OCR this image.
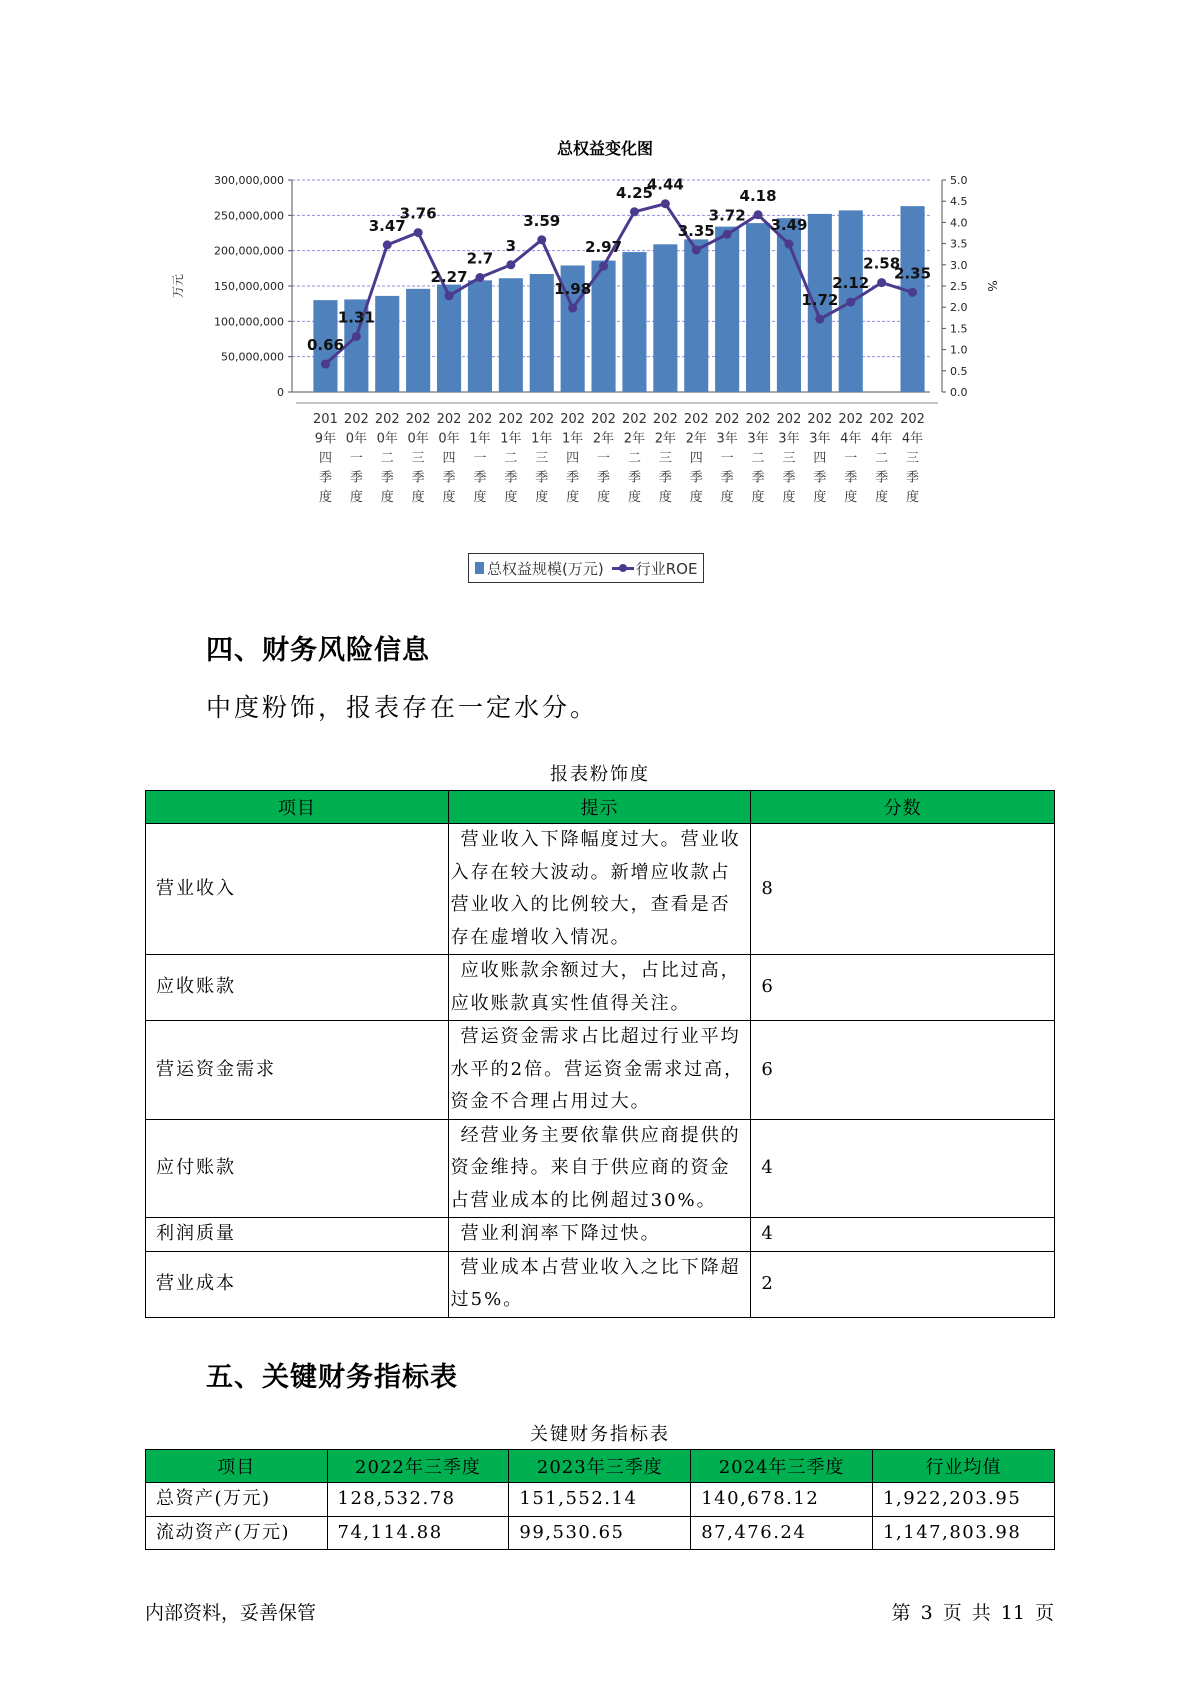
总权益变化图
0
50,000,000
100,000,000
150,000,000
200,000,000
250,000,000
300,000,000
0.0
0.5
1.0
1.5
2.0
2.5
3.0
3.5
4.0
4.5
5.0
万元	%
0.66
1.31
3.47
3.76
2.27
2.7
3
3.59
1.98
2.97
4.25
4.44
3.35
3.72
4.18
3.49
1.72
2.12
2.58
2.35
201
9年
四
季
度
202
0年
一
季
度
202
0年
二
季
度
202
0年
三
季
度
202
0年
四
季
度
202
1年
一
季
度
202
1年
二
季
度
202
1年
三
季
度
202
1年
四
季
度
202
2年
一
季
度
202
2年
二
季
度
202
2年
三
季
度
202
2年
四
季
度
202
3年
一
季
度
202
3年
二
季
度
202
3年
三
季
度
202
3年
四
季
度
202
4年
一
季
度
202
4年
二
季
度
202
4年
三
季
度
总权益规模(万元) 行业ROE
四、财务风险信息

中度粉饰，报表存在一定水分。

报表粉饰度
项目	提示	分数
营业收入	营业收入下降幅度过大。营业收入存在较大波动。新增应收款占营业收入的比例较大，查看是否存在虚增收入情况。	8
应收账款	应收账款余额过大，占比过高，应收账款真实性值得关注。	6
营运资金需求	营运资金需求占比超过行业平均水平的2倍。营运资金需求过高，资金不合理占用过大。	6
应付账款	经营业务主要依靠供应商提供的资金维持。来自于供应商的资金占营业成本的比例超过30%。	4
利润质量	营业利润率下降过快。	4
营业成本	营业成本占营业收入之比下降超过5%。	2
五、关键财务指标表
关键财务指标表
项目	2022年三季度	2023年三季度	2024年三季度	行业均值
总资产(万元)	128,532.78	151,552.14	140,678.12	1,922,203.95
流动资产(万元)	74,114.88	99,530.65	87,476.24	1,147,803.98
内部资料，妥善保管	第 3 页 共 11 页
